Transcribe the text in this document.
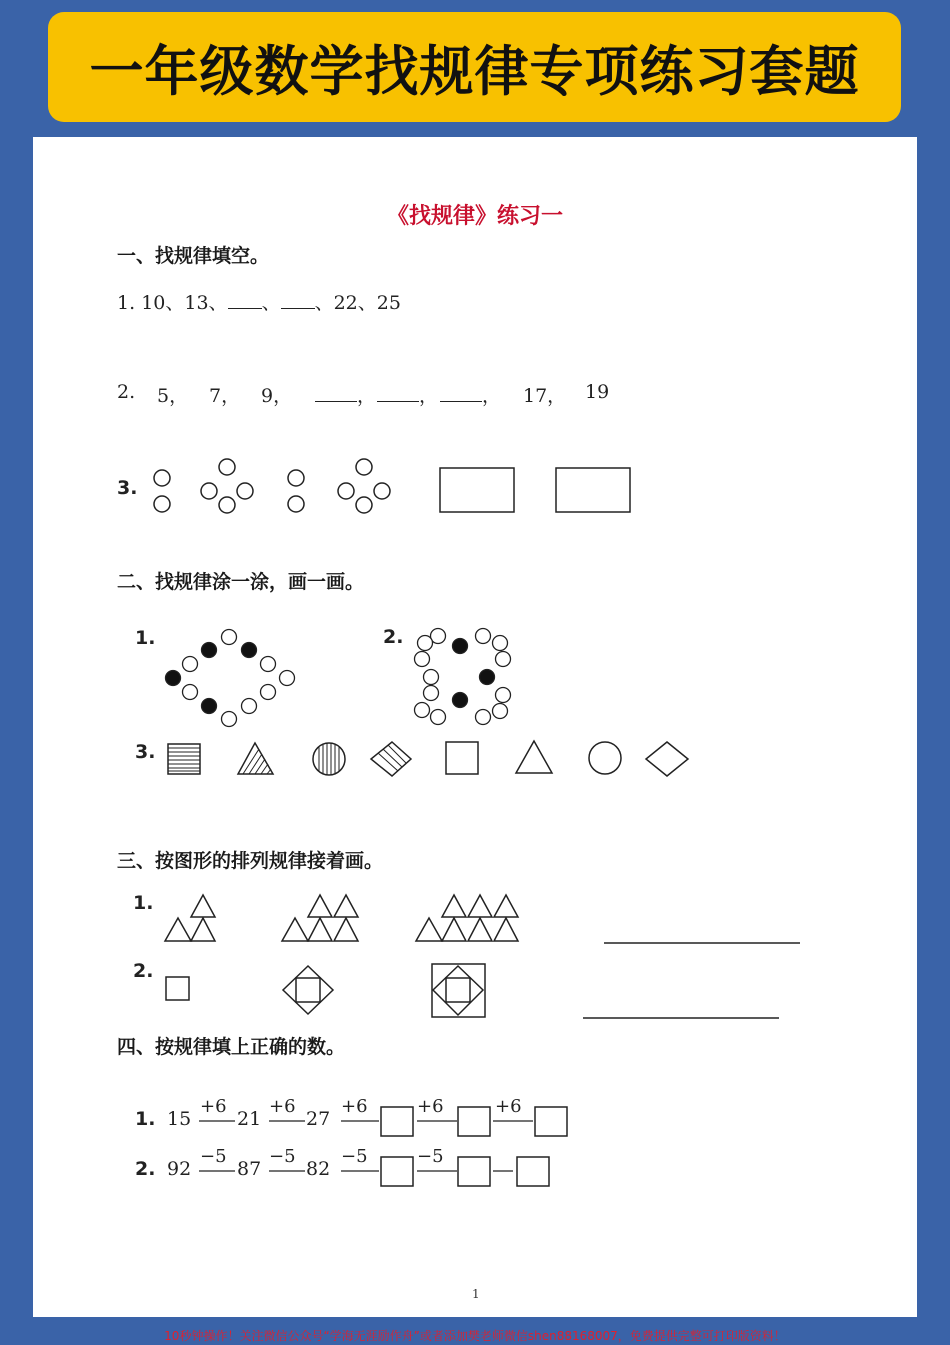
一年级数学找规律专项练习套题
《找规律》练习一
一、找规律填空。
1. 10、13、 、 、22、25
2. 5， 7， 9，	，	，	， 17， 19
3.
二、找规律涂一涂，画一画。
1.	2.
3.
三、按图形的排列规律接着画。
1.
2.
四、按规律填上正确的数。
1. 15
+6
21
+6
27
+6	+6	+6
2. 92
−5
87
−5
82
−5	−5
1
10秒钟操作！关注微信公众号“学海无涯励作舟”或者添加樊老师微信shen88168007，免费提供完整可打印版资料！
